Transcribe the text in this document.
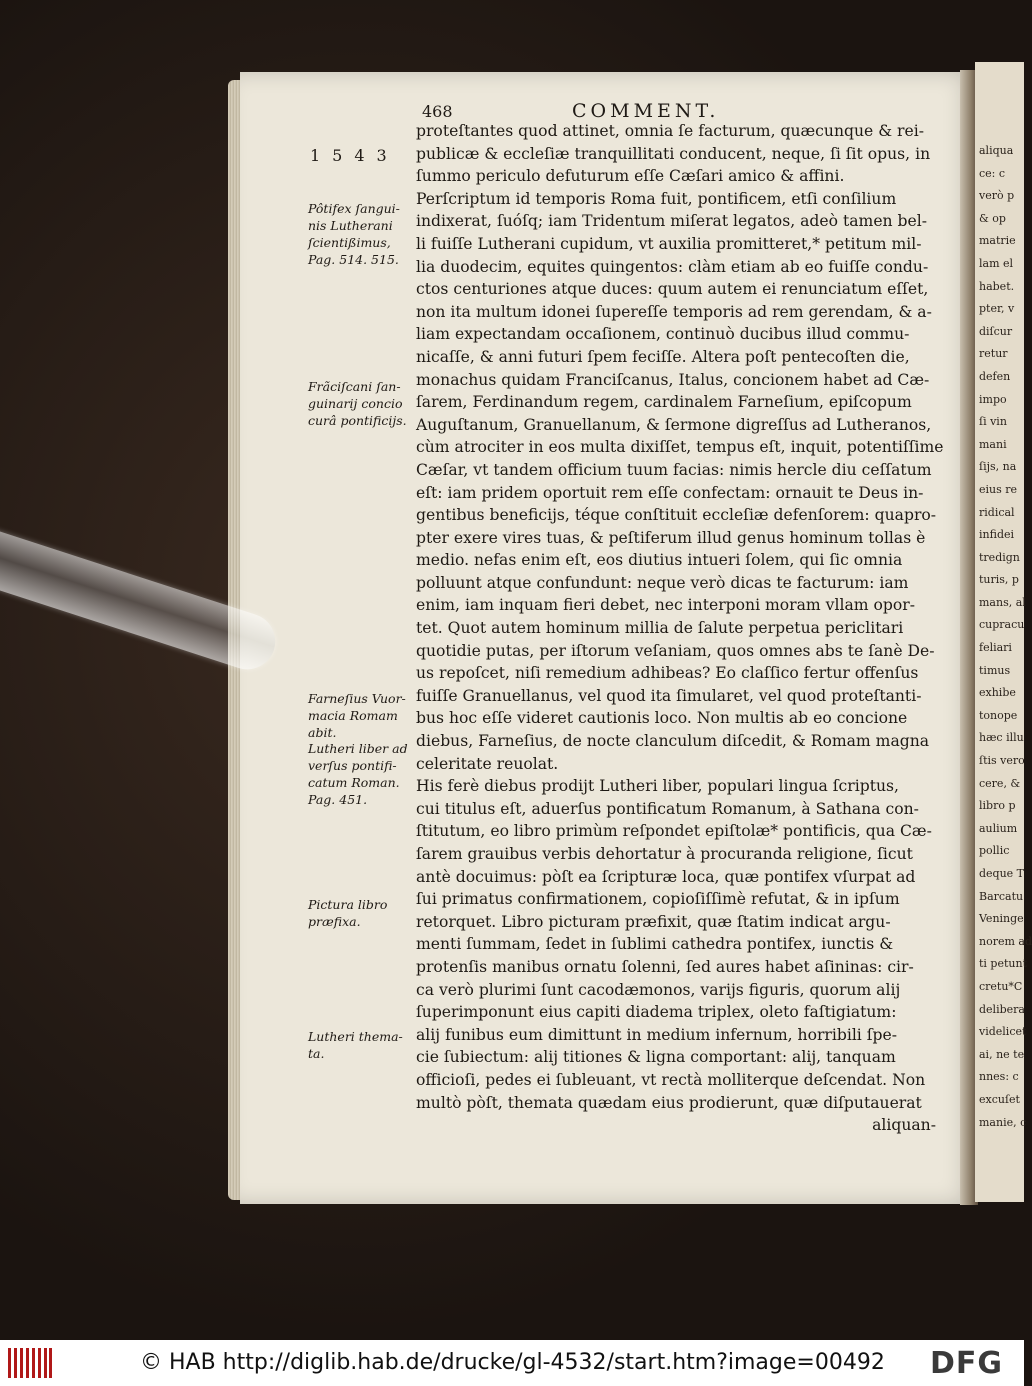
aliqua
ce: c
verò p
& op
matrie
lam el
habet.
pter, v
diſcur
retur
defen
impo
ſi vin
mani
ſijs, na
eius re
ridical
infidei
tredign
turis, p
mans, al
cupracu
feliari
timus
exhibe
tonope
hæc illu
ſtis vero
cere, &
libro p
aulium
pollic
deque T
Barcatu
Veninge
norem ad
ti petunt
cretu*C
delibera
videlicet
ai, ne te
nnes: c
excuſet
manie, c
468	COMMENT.
1543
Pôtifex ſangui-
nis Lutherani
ſcientißimus,
Pag. 514. 515.
Frãciſcani ſan-
guinarij concio
curâ pontificijs.
Farneſius Vuor-
macia Romam
abit.
Lutheri liber ad
verſus pontifi-
catum Roman.
Pag. 451.
Pictura libro
præfixa.
Lutheri thema-
ta.
proteſtantes quod attinet, omnia ſe facturum, quæcunque & rei-
publicæ & eccleſiæ tranquillitati conducent, neque, ſi ſit opus, in
ſummo periculo defuturum eſſe Cæſari amico & affini.
Perſcriptum id temporis Roma fuit, pontificem, etſi conſilium
indixerat, ſuóſq; iam Tridentum miſerat legatos, adeò tamen bel-
li fuiſſe Lutherani cupidum, vt auxilia promitteret,* petitum mil-
lia duodecim, equites quingentos: clàm etiam ab eo fuiſſe condu-
ctos centuriones atque duces: quum autem ei renunciatum eſſet,
non ita multum idonei ſupereſſe temporis ad rem gerendam, & a-
liam expectandam occaſionem, continuò ducibus illud commu-
nicaſſe, & anni futuri ſpem feciſſe. Altera poſt pentecoſten die,
monachus quidam Franciſcanus, Italus, concionem habet ad Cæ-
ſarem, Ferdinandum regem, cardinalem Farneſium, epiſcopum
Auguſtanum, Granuellanum, & ſermone digreſſus ad Lutheranos,
cùm atrociter in eos multa dixiſſet, tempus eſt, inquit, potentiſſime
Cæſar, vt tandem officium tuum facias: nimis hercle diu ceſſatum
eſt: iam pridem oportuit rem eſſe confectam: ornauit te Deus in-
gentibus beneficijs, téque conſtituit eccleſiæ defenſorem: quapro-
pter exere vires tuas, & peſtiferum illud genus hominum tollas è
medio. nefas enim eſt, eos diutius intueri ſolem, qui ſic omnia
polluunt atque confundunt: neque verò dicas te facturum: iam
enim, iam inquam fieri debet, nec interponi moram vllam opor-
tet. Quot autem hominum millia de ſalute perpetua periclitari
quotidie putas, per iſtorum veſaniam, quos omnes abs te ſanè De-
us repoſcet, niſi remedium adhibeas? Eo claſſico fertur offenſus
fuiſſe Granuellanus, vel quod ita ſimularet, vel quod proteſtanti-
bus hoc eſſe videret cautionis loco. Non multis ab eo concione
diebus, Farneſius, de nocte clanculum diſcedit, & Romam magna
celeritate reuolat.
His ferè diebus prodijt Lutheri liber, populari lingua ſcriptus,
cui titulus eſt, aduerſus pontificatum Romanum, à Sathana con-
ſtitutum, eo libro primùm reſpondet epiſtolæ* pontificis, qua Cæ-
ſarem grauibus verbis dehortatur à procuranda religione, ſicut
antè docuimus: pòſt ea ſcripturæ loca, quæ pontifex vſurpat ad
ſui primatus confirmationem, copioſiſſimè refutat, & in ipſum
retorquet. Libro picturam præfixit, quæ ſtatim indicat argu-
menti ſummam, ſedet in ſublimi cathedra pontifex, iunctis &
protenſis manibus ornatu ſolenni, ſed aures habet aſininas: cir-
ca verò plurimi ſunt cacodæmonos, varijs figuris, quorum alij
ſuperimponunt eius capiti diadema triplex, oleto faſtigiatum:
alij funibus eum dimittunt in medium infernum, horribili ſpe-
cie ſubiectum: alij titiones & ligna comportant: alij, tanquam
officioſi, pedes ei ſubleuant, vt rectà molliterque deſcendat. Non
multò pòſt, themata quædam eius prodierunt, quæ diſputauerat
aliquan-
© HAB http://diglib.hab.de/drucke/gl-4532/start.htm?image=00492 DFG
